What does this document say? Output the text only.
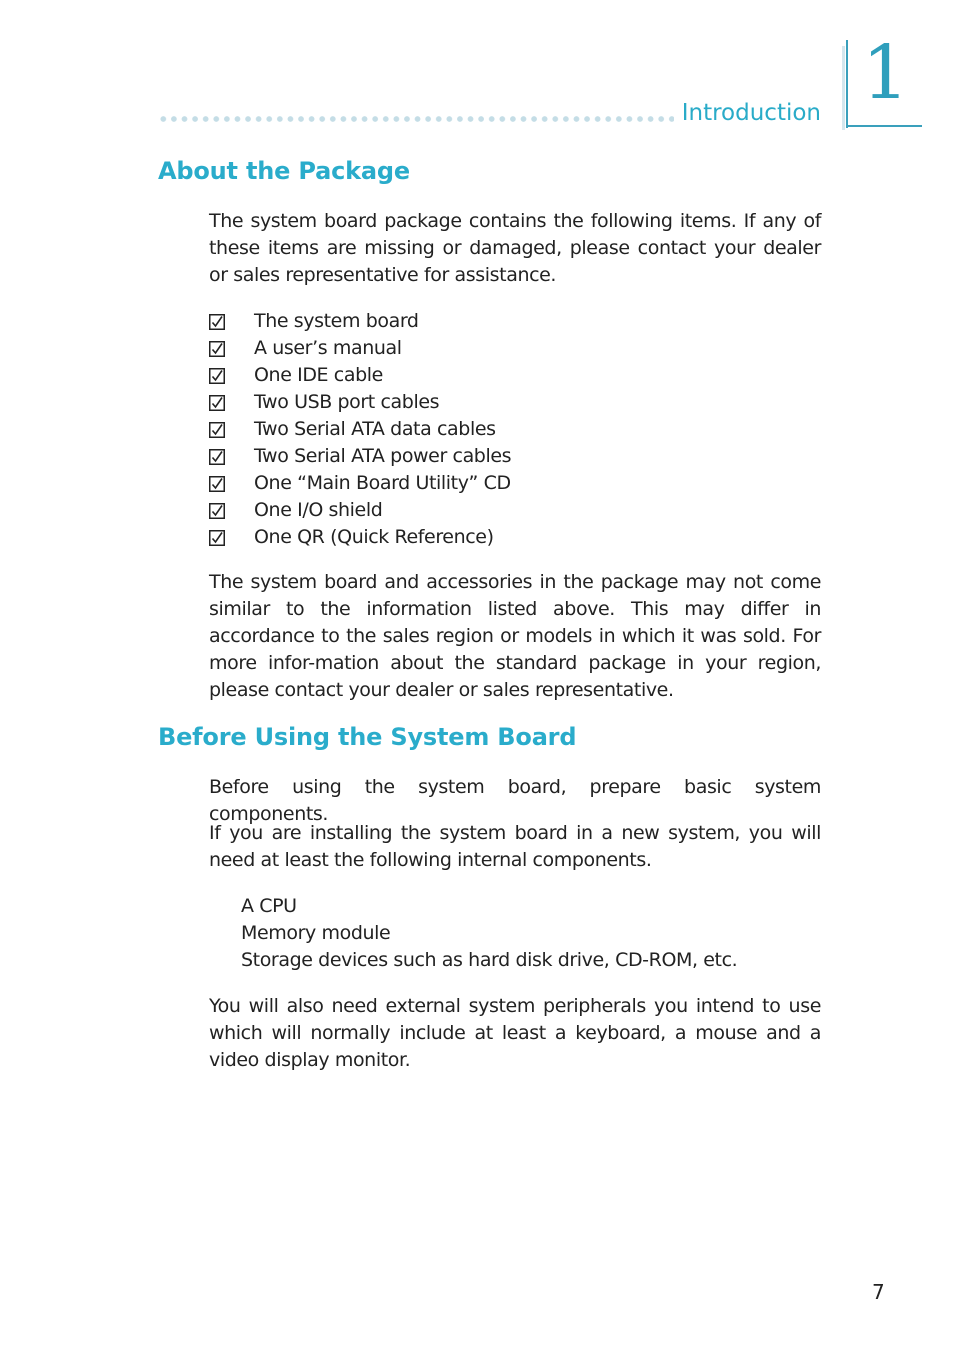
Introduction 1
About the Package

The system board package contains the following items. If any of these items are missing or damaged, please contact your dealer or sales representative for assistance.

The system board
A user’s manual
One IDE cable
Two USB port cables
Two Serial ATA data cables
Two Serial ATA power cables
One “Main Board Utility” CD
One I/O shield
One QR (Quick Reference)

The system board and accessories in the package may not come similar to the information listed above. This may differ in accordance to the sales region or models in which it was sold. For more infor-mation about the standard package in your region, please contact your dealer or sales representative.

Before Using the System Board

Before using the system board, prepare basic system components.

If you are installing the system board in a new system, you will need at least the following internal components.

A CPU
Memory module
Storage devices such as hard disk drive, CD-ROM, etc.

You will also need external system peripherals you intend to use which will normally include at least a keyboard, a mouse and a video display monitor.

7
